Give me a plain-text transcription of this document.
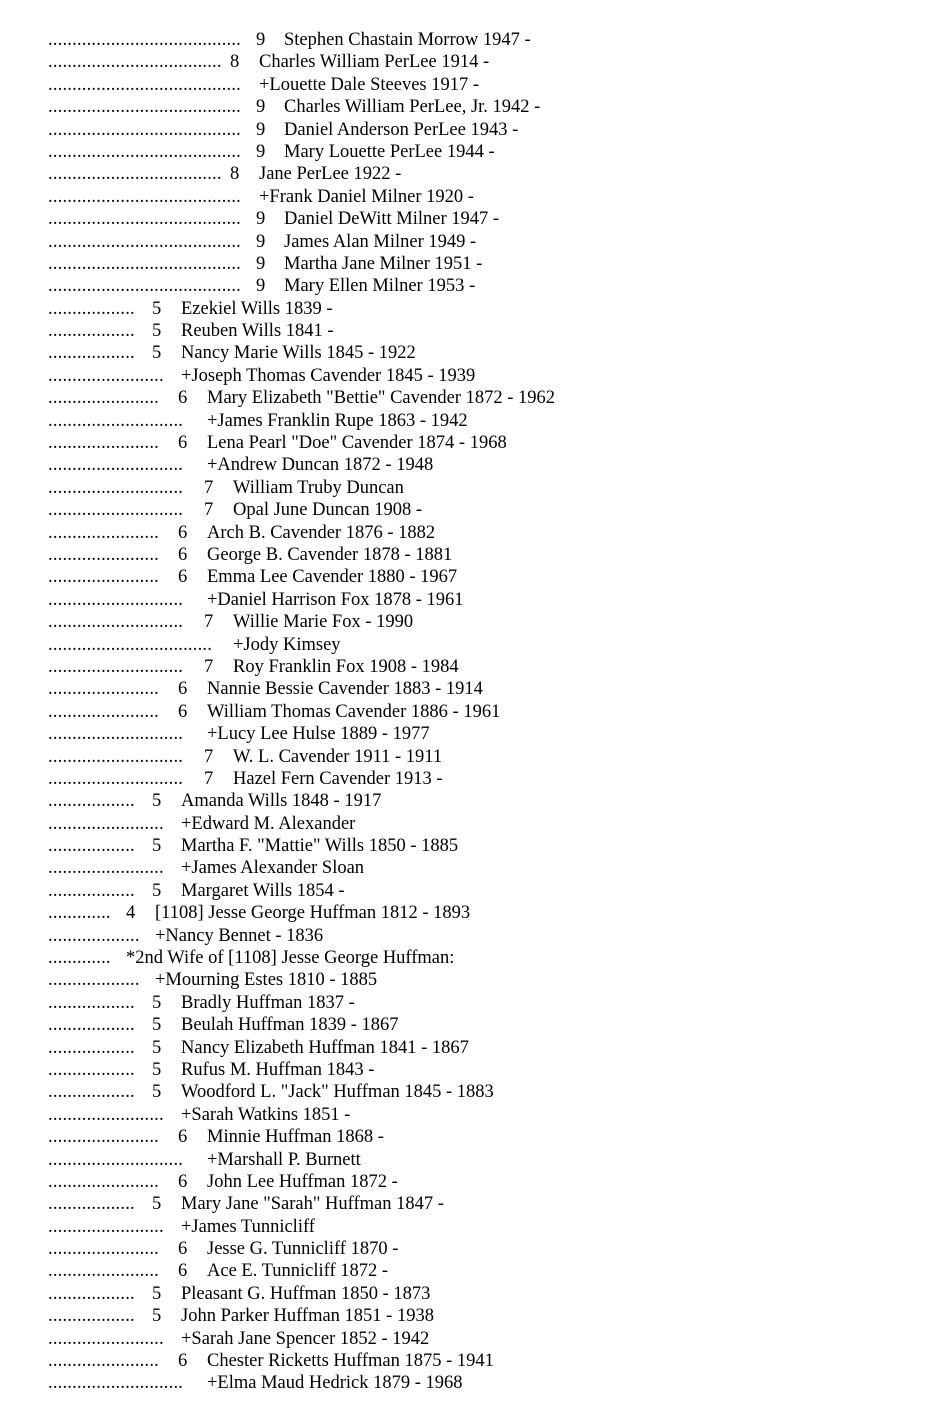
........................................ 9 Stephen Chastain Morrow 1947 -
.................................... 8 Charles William PerLee 1914 -
........................................ +Louette Dale Steeves 1917 -
........................................ 9 Charles William PerLee, Jr. 1942 -
........................................ 9 Daniel Anderson PerLee 1943 -
........................................ 9 Mary Louette PerLee 1944 -
.................................... 8 Jane PerLee 1922 -
........................................ +Frank Daniel Milner 1920 -
........................................ 9 Daniel DeWitt Milner 1947 -
........................................ 9 James Alan Milner 1949 -
........................................ 9 Martha Jane Milner 1951 -
........................................ 9 Mary Ellen Milner 1953 -
.................. 5 Ezekiel Wills 1839 -
.................. 5 Reuben Wills 1841 -
.................. 5 Nancy Marie Wills 1845 - 1922
........................ +Joseph Thomas Cavender 1845 - 1939
....................... 6 Mary Elizabeth "Bettie" Cavender 1872 - 1962
............................ +James Franklin Rupe 1863 - 1942
....................... 6 Lena Pearl "Doe" Cavender 1874 - 1968
............................ +Andrew Duncan 1872 - 1948
............................ 7 William Truby Duncan
............................ 7 Opal June Duncan 1908 -
....................... 6 Arch B. Cavender 1876 - 1882
....................... 6 George B. Cavender 1878 - 1881
....................... 6 Emma Lee Cavender 1880 - 1967
............................ +Daniel Harrison Fox 1878 - 1961
............................ 7 Willie Marie Fox - 1990
.................................. +Jody Kimsey
............................ 7 Roy Franklin Fox 1908 - 1984
....................... 6 Nannie Bessie Cavender 1883 - 1914
....................... 6 William Thomas Cavender 1886 - 1961
............................ +Lucy Lee Hulse 1889 - 1977
............................ 7 W. L. Cavender 1911 - 1911
............................ 7 Hazel Fern Cavender 1913 -
.................. 5 Amanda Wills 1848 - 1917
........................ +Edward M. Alexander
.................. 5 Martha F. "Mattie" Wills 1850 - 1885
........................ +James Alexander Sloan
.................. 5 Margaret Wills 1854 -
............. 4 [1108] Jesse George Huffman 1812 - 1893
................... +Nancy Bennet - 1836
............. *2nd Wife of [1108] Jesse George Huffman:
................... +Mourning Estes 1810 - 1885
.................. 5 Bradly Huffman 1837 -
.................. 5 Beulah Huffman 1839 - 1867
.................. 5 Nancy Elizabeth Huffman 1841 - 1867
.................. 5 Rufus M. Huffman 1843 -
.................. 5 Woodford L. "Jack" Huffman 1845 - 1883
........................ +Sarah Watkins 1851 -
....................... 6 Minnie Huffman 1868 -
............................ +Marshall P. Burnett
....................... 6 John Lee Huffman 1872 -
.................. 5 Mary Jane "Sarah" Huffman 1847 -
........................ +James Tunnicliff
....................... 6 Jesse G. Tunnicliff 1870 -
....................... 6 Ace E. Tunnicliff 1872 -
.................. 5 Pleasant G. Huffman 1850 - 1873
.................. 5 John Parker Huffman 1851 - 1938
........................ +Sarah Jane Spencer 1852 - 1942
....................... 6 Chester Ricketts Huffman 1875 - 1941
............................ +Elma Maud Hedrick 1879 - 1968
